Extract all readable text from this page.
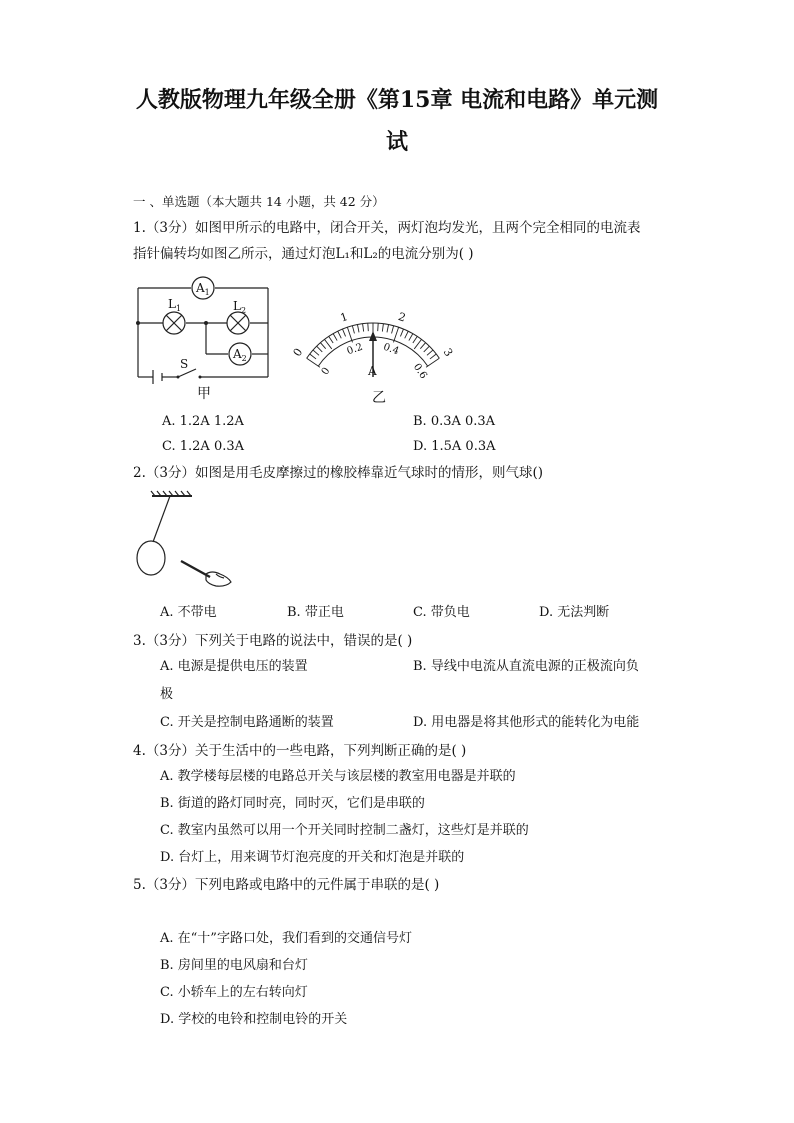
人教版物理九年级全册《第15章 电流和电路》单元测
试
一 、单选题（本大题共 14 小题，共 42 分）
1.（3分）如图甲所示的电路中，闭合开关，两灯泡均发光，且两个完全相同的电流表
指针偏转均如图乙所示，通过灯泡L₁和L₂的电流分别为( )
$A_1$
$A_2$
$L_1$	$L_2$
S
甲
0
1	2
3
0
0.2 0.4
0.6
A
乙
A. 1.2A 1.2A	B. 0.3A 0.3A
C. 1.2A 0.3A	D. 1.5A 0.3A
2.（3分）如图是用毛皮摩擦过的橡胶棒靠近气球时的情形，则气球()
A. 不带电	B. 带正电	C. 带负电	D. 无法判断
3.（3分）下列关于电路的说法中，错误的是( )
A. 电源是提供电压的装置	B. 导线中电流从直流电源的正极流向负
极
C. 开关是控制电路通断的装置	D. 用电器是将其他形式的能转化为电能
4.（3分）关于生活中的一些电路，下列判断正确的是( )
A. 教学楼每层楼的电路总开关与该层楼的教室用电器是并联的
B. 街道的路灯同时亮，同时灭，它们是串联的
C. 教室内虽然可以用一个开关同时控制二盏灯，这些灯是并联的
D. 台灯上，用来调节灯泡亮度的开关和灯泡是并联的
5.（3分）下列电路或电路中的元件属于串联的是( )
A. 在“十”字路口处，我们看到的交通信号灯
B. 房间里的电风扇和台灯
C. 小轿车上的左右转向灯
D. 学校的电铃和控制电铃的开关
